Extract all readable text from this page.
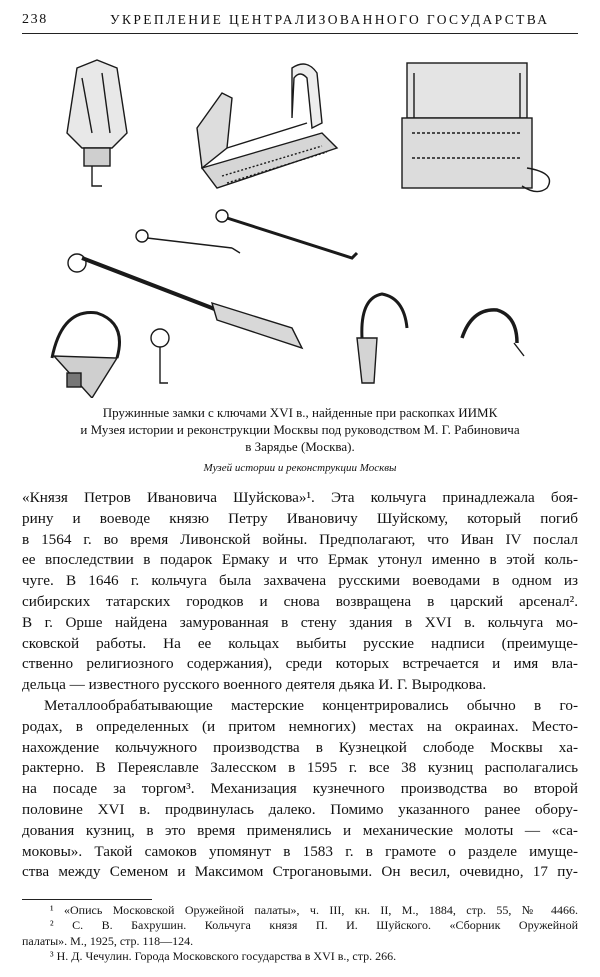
238	УКРЕПЛЕНИЕ ЦЕНТРАЛИЗОВАННОГО ГОСУДАРСТВА
Пружинные замки с ключами XVI в., найденные при раскопках ИИМК
и Музея истории и реконструкции Москвы под руководством М. Г. Рабиновича
в Зарядье (Москва).
Музей истории и реконструкции Москвы
«Князя Петров Ивановича Шуйскова»¹. Эта кольчуга принадлежала боя-
рину и воеводе князю Петру Ивановичу Шуйскому, который погиб
в 1564 г. во время Ливонской войны. Предполагают, что Иван IV послал
ее впоследствии в подарок Ермаку и что Ермак утонул именно в этой коль-
чуге. В 1646 г. кольчуга была захвачена русскими воеводами в одном из
сибирских татарских городков и снова возвращена в царский арсенал².
В г. Орше найдена замурованная в стену здания в XVI в. кольчуга мо-
сковской работы. На ее кольцах выбиты русские надписи (преимуще-
ственно религиозного содержания), среди которых встречается и имя вла-
дельца — известного русского военного деятеля дьяка И. Г. Выродкова.
Металлообрабатывающие мастерские концентрировались обычно в го-
родах, в определенных (и притом немногих) местах на окраинах. Место-
нахождение кольчужного производства в Кузнецкой слободе Москвы ха-
рактерно. В Переяславле Залесском в 1595 г. все 38 кузниц располагались
на посаде за торгом³. Механизация кузнечного производства во второй
половине XVI в. продвинулась далеко. Помимо указанного ранее обору-
дования кузниц, в это время применялись и механические молоты — «са-
моковы». Такой самоков упомянут в 1583 г. в грамоте о разделе имуще-
ства между Семеном и Максимом Строгановыми. Он весил, очевидно, 17 пу-
¹ «Опись Московской Оружейной палаты», ч. III, кн. II, М., 1884, стр. 55, № 4466.
² С. В. Бахрушин. Кольчуга князя П. И. Шуйского. «Сборник Оружейной
палаты». М., 1925, стр. 118—124.
³ Н. Д. Чечулин. Города Московского государства в XVI в., стр. 266.
